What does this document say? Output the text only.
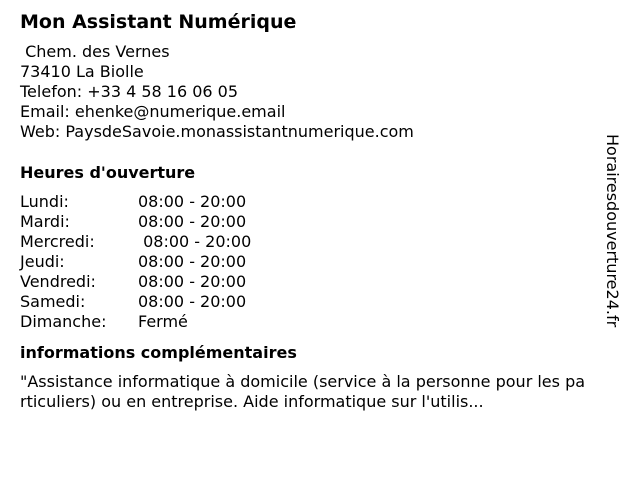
Mon Assistant Numérique
Chem. des Vernes
73410 La Biolle
Telefon: +33 4 58 16 06 05
Email: ehenke@numerique.email
Web: PaysdeSavoie.monassistantnumerique.com
Heures d'ouverture
Lundi:	08:00 - 20:00
Mardi:	08:00 - 20:00
Mercredi:	08:00 - 20:00
Jeudi:	08:00 - 20:00
Vendredi:	08:00 - 20:00
Samedi:	08:00 - 20:00
Dimanche:	Fermé
informations complémentaires

"Assistance informatique à domicile (service à la personne pour les particuliers) ou en entreprise. Aide informatique sur l'utilis...

Horairesdouverture24.fr
